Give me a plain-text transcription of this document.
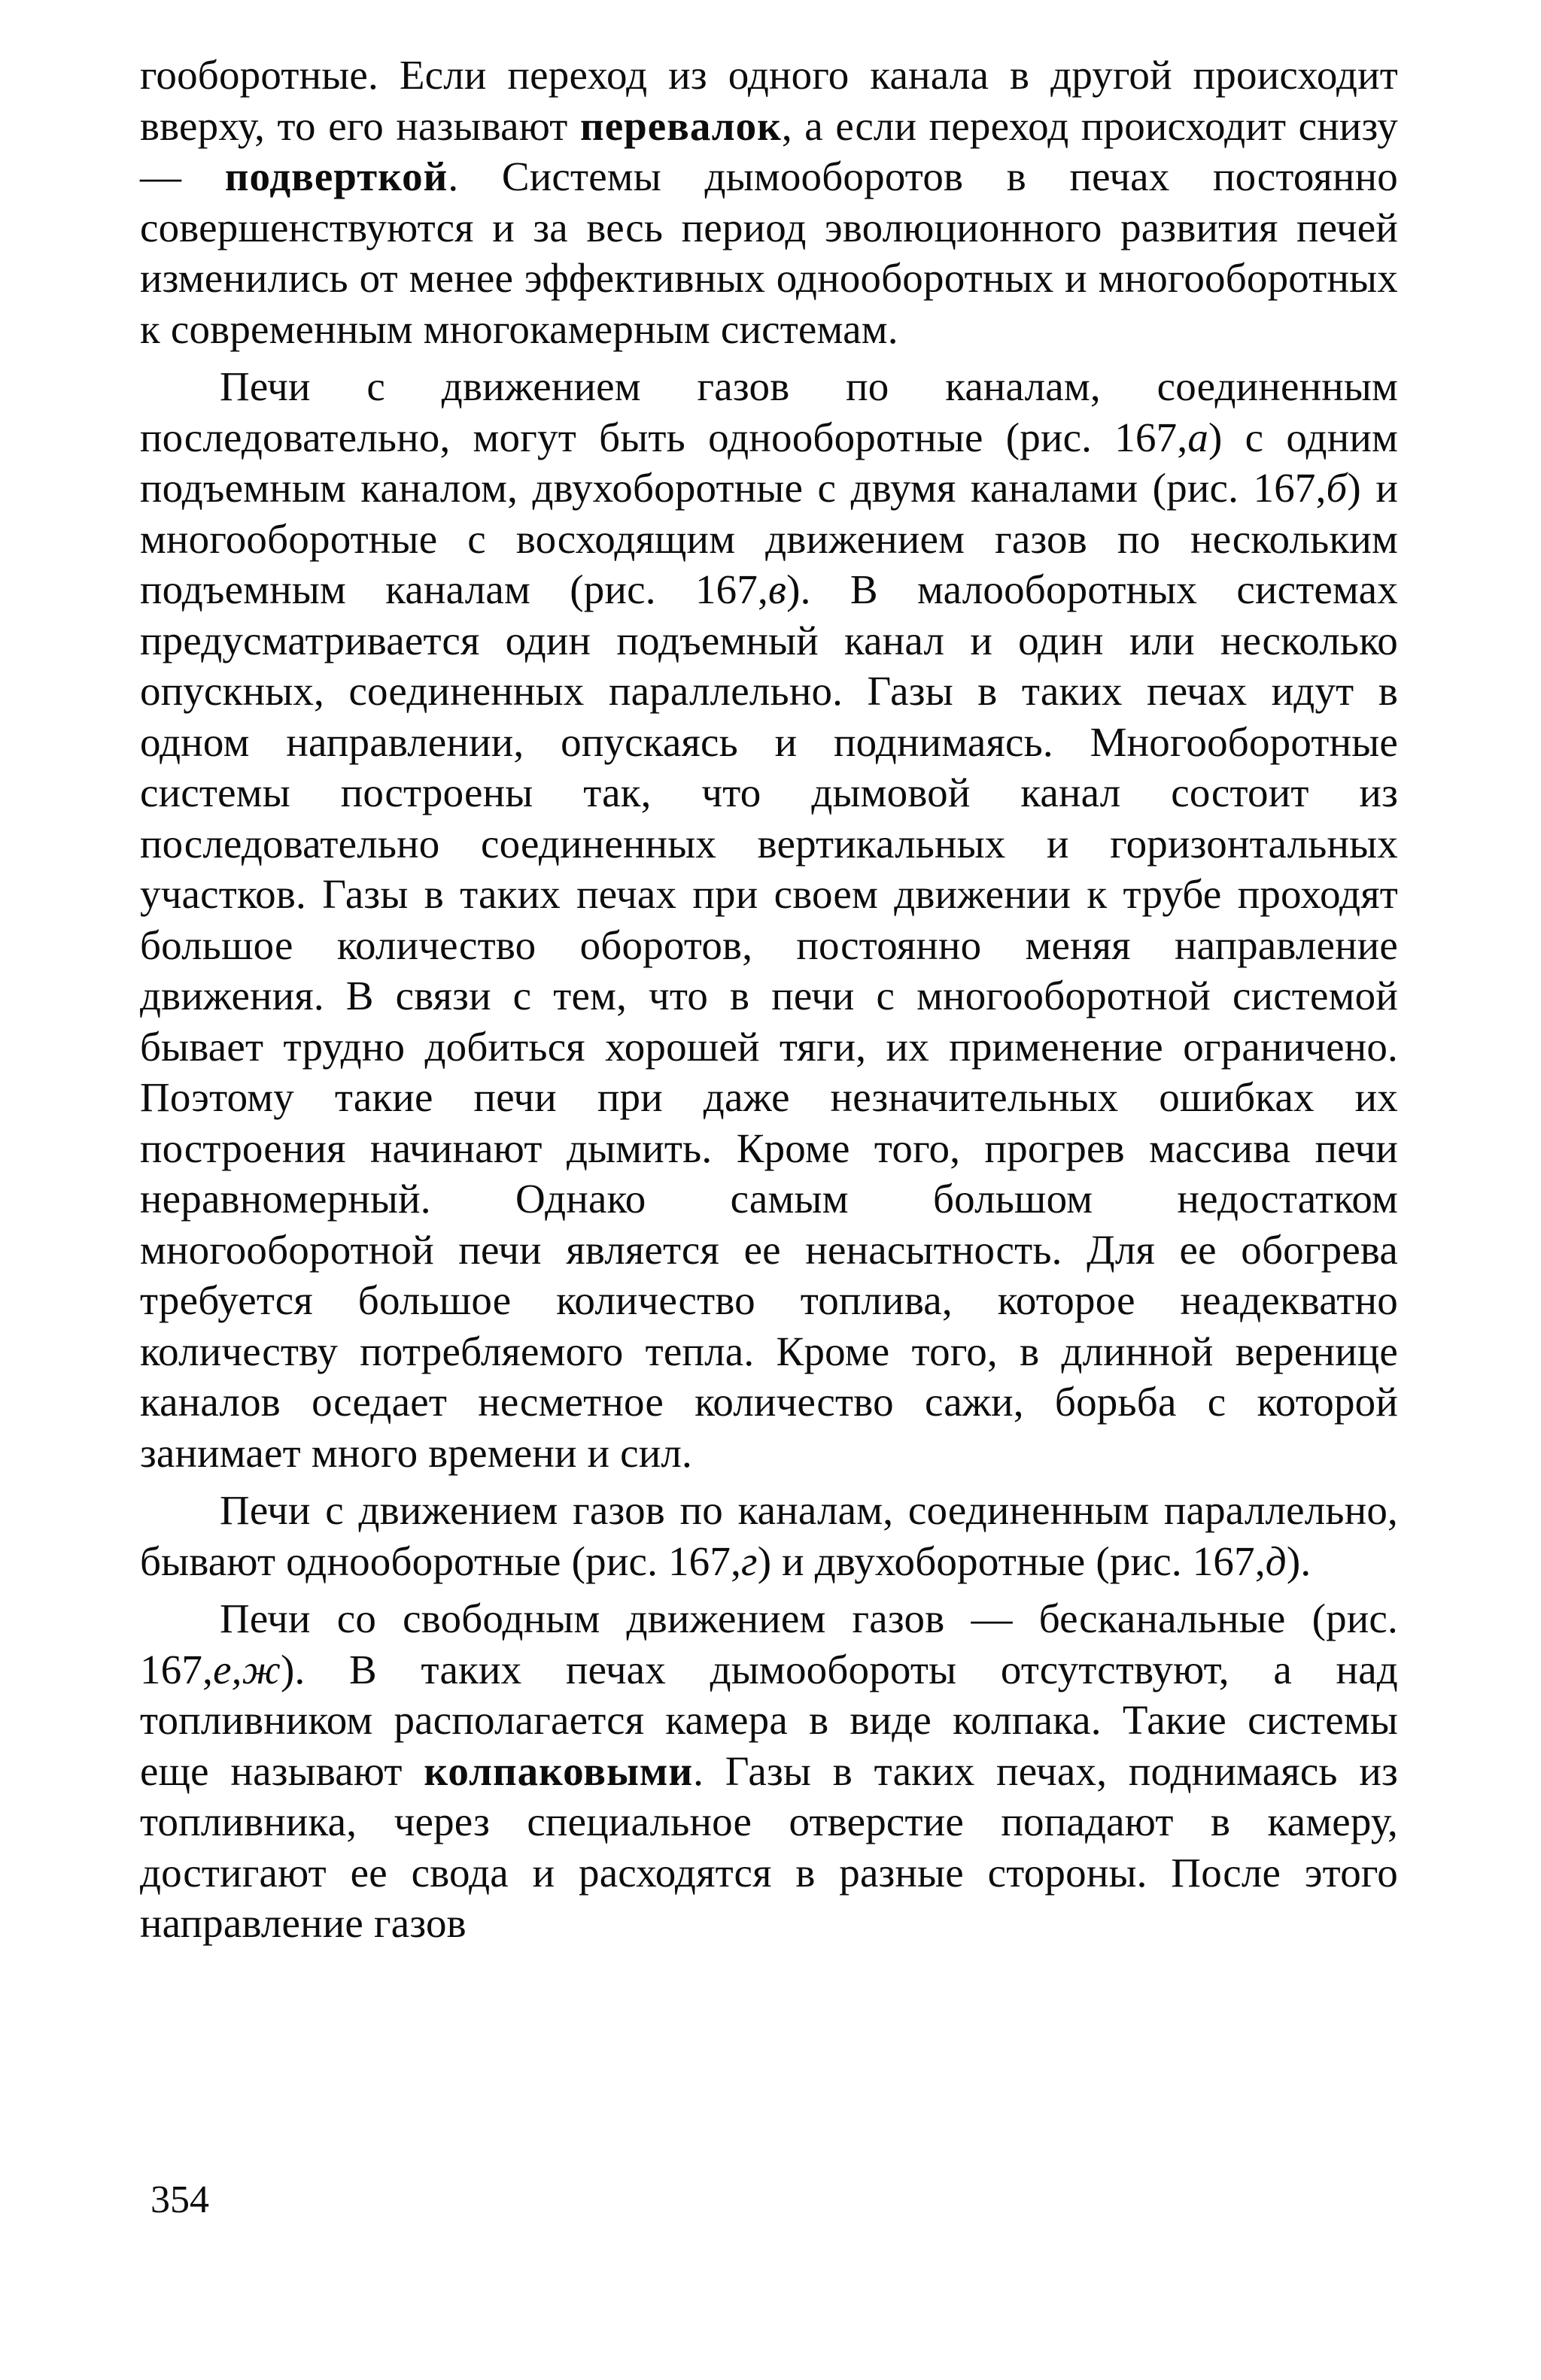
гооборотные. Если переход из одного канала в другой происходит вверху, то его называют перевалок, а если переход происходит снизу — подверткой. Системы дымооборотов в печах постоянно совершенствуются и за весь период эволюционного развития печей изменились от менее эффективных однооборотных и многооборотных к современным многокамерным системам.

Печи с движением газов по каналам, соединенным последовательно, могут быть однооборотные (рис. 167,а) с одним подъемным каналом, двухоборотные с двумя каналами (рис. 167,б) и многооборотные с восходящим движением газов по нескольким подъемным каналам (рис. 167,в). В малооборотных системах предусматривается один подъемный канал и один или несколько опускных, соединенных параллельно. Газы в таких печах идут в одном направлении, опускаясь и поднимаясь. Многооборотные системы построены так, что дымовой канал состоит из последовательно соединенных вертикальных и горизонтальных участков. Газы в таких печах при своем движении к трубе проходят большое количество оборотов, постоянно меняя направление движения. В связи с тем, что в печи с многооборотной системой бывает трудно добиться хорошей тяги, их применение ограничено. Поэтому такие печи при даже незначительных ошибках их построения начинают дымить. Кроме того, прогрев массива печи неравномерный. Однако самым большом недостатком многооборотной печи является ее ненасытность. Для ее обогрева требуется большое количество топлива, которое неадекватно количеству потребляемого тепла. Кроме того, в длинной веренице каналов оседает несметное количество сажи, борьба с которой занимает много времени и сил.

Печи с движением газов по каналам, соединенным параллельно, бывают однооборотные (рис. 167,г) и двухоборотные (рис. 167,д).

Печи со свободным движением газов — бесканальные (рис. 167,е,ж). В таких печах дымообороты отсутствуют, а над топливником располагается камера в виде колпака. Такие системы еще называют колпаковыми. Газы в таких печах, поднимаясь из топливника, через специальное отверстие попадают в камеру, достигают ее свода и расходятся в разные стороны. После этого направление газов

354
